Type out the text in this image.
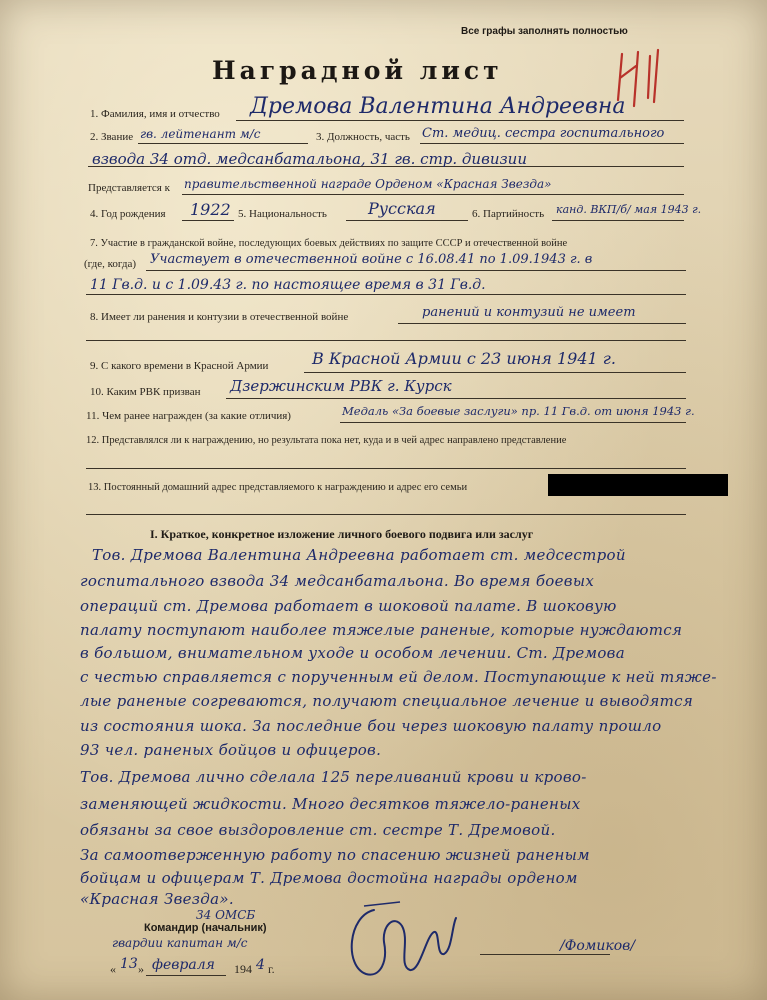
Все графы заполнять полностью
Наградной лист
1. Фамилия, имя и отчество Дремова Валентина Андреевна
2. Звание гв. лейтенант м/с	3. Должность, часть Ст. медиц. сестра госпитального
взвода 34 отд. медсанбатальона, 31 гв. стр. дивизии
Представляется к правительственной награде Орденом «Красная Звезда»
4. Год рождения 1922 5. Национальность	Русская	6. Партийность канд. ВКП/б/ мая 1943 г.
7. Участие в гражданской войне, последующих боевых действиях по защите СССР и отечественной войне
(где, когда) Участвует в отечественной войне с 16.08.41 по 1.09.1943 г. в
11 Гв.д. и с 1.09.43 г. по настоящее время в 31 Гв.д.
8. Имеет ли ранения и контузии в отечественной войне	ранений и контузий не имеет
9. С какого времени в Красной Армии	В Красной Армии с 23 июня 1941 г.
10. Каким РВК призван Дзержинским РВК г. Курск
11. Чем ранее награжден (за какие отличия)	Медаль «За боевые заслуги» пр. 11 Гв.д. от июня 1943 г.
12. Представлялся ли к награждению, но результата пока нет, куда и в чей адрес направлено представление
13. Постоянный домашний адрес представляемого к награждению и адрес его семьи
I. Краткое, конкретное изложение личного боевого подвига или заслуг
Тов. Дремова Валентина Андреевна работает ст. медсестрой
госпитального взвода 34 медсанбатальона. Во время боевых
операций ст. Дремова работает в шоковой палате. В шоковую
палату поступают наиболее тяжелые раненые, которые нуждаются
в большом, внимательном уходе и особом лечении. Ст. Дремова
с честью справляется с порученным ей делом. Поступающие к ней тяже-
лые раненые согреваются, получают специальное лечение и выводятся
из состояния шока. За последние бои через шоковую палату прошло
93 чел. раненых бойцов и офицеров.
Тов. Дремова лично сделала 125 переливаний крови и крово-
заменяющей жидкости. Много десятков тяжело-раненых
обязаны за свое выздоровление ст. сестре Т. Дремовой.
За самоотверженную работу по спасению жизней раненым
бойцам и офицерам Т. Дремова достойна награды орденом
«Красная Звезда».
34 ОМСБ
Командир (начальник)
гвардии капитан м/с
« 13 » февраля 194 4 г.
/Фомиков/
